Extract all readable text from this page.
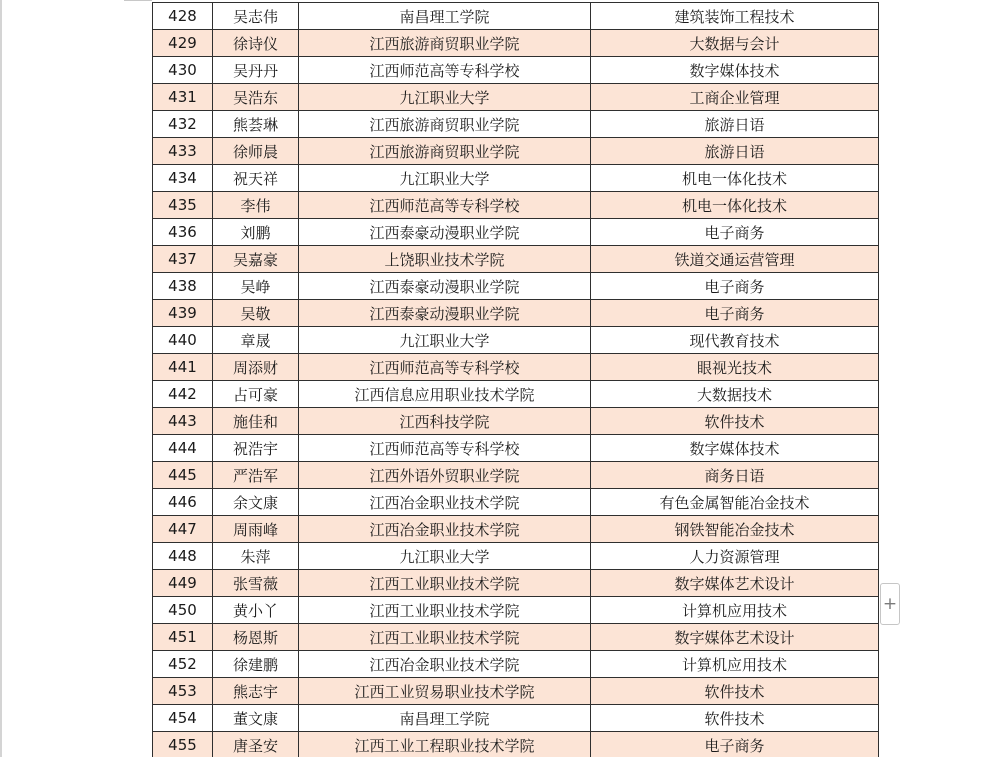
428	吴志伟	南昌理工学院	建筑装饰工程技术
429	徐诗仪	江西旅游商贸职业学院	大数据与会计
430	吴丹丹	江西师范高等专科学校	数字媒体技术
431	吴浩东	九江职业大学	工商企业管理
432	熊荟琳	江西旅游商贸职业学院	旅游日语
433	徐师晨	江西旅游商贸职业学院	旅游日语
434	祝天祥	九江职业大学	机电一体化技术
435	李伟	江西师范高等专科学校	机电一体化技术
436	刘鹏	江西泰豪动漫职业学院	电子商务
437	吴嘉豪	上饶职业技术学院	铁道交通运营管理
438	吴峥	江西泰豪动漫职业学院	电子商务
439	吴敬	江西泰豪动漫职业学院	电子商务
440	章晟	九江职业大学	现代教育技术
441	周添财	江西师范高等专科学校	眼视光技术
442	占可豪	江西信息应用职业技术学院	大数据技术
443	施佳和	江西科技学院	软件技术
444	祝浩宇	江西师范高等专科学校	数字媒体技术
445	严浩军	江西外语外贸职业学院	商务日语
446	余文康	江西冶金职业技术学院	有色金属智能冶金技术
447	周雨峰	江西冶金职业技术学院	钢铁智能冶金技术
448	朱萍	九江职业大学	人力资源管理
449	张雪薇	江西工业职业技术学院	数字媒体艺术设计
450	黄小丫	江西工业职业技术学院	计算机应用技术
451	杨恩斯	江西工业职业技术学院	数字媒体艺术设计
452	徐建鹏	江西冶金职业技术学院	计算机应用技术
453	熊志宇	江西工业贸易职业技术学院	软件技术
454	董文康	南昌理工学院	软件技术
455	唐圣安	江西工业工程职业技术学院	电子商务
+
